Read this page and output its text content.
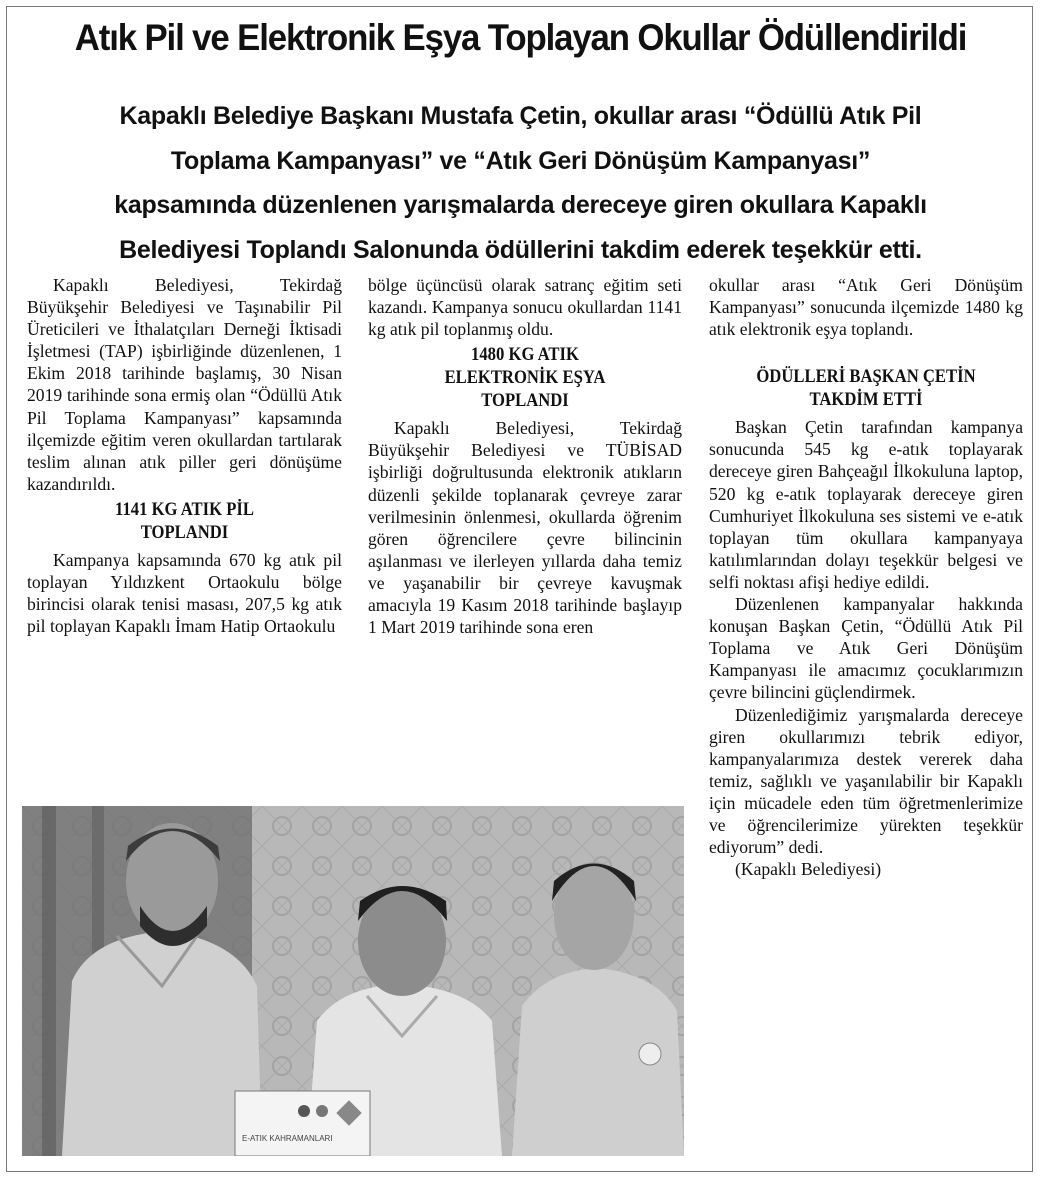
Atık Pil ve Elektronik Eşya Toplayan Okullar Ödüllendirildi
Kapaklı Belediye Başkanı Mustafa Çetin, okullar arası “Ödüllü Atık Pil
Toplama Kampanyası” ve “Atık Geri Dönüşüm Kampanyası”
kapsamında düzenlenen yarışmalarda dereceye giren okullara Kapaklı
Belediyesi Toplandı Salonunda ödüllerini takdim ederek teşekkür etti.

Kapaklı Belediyesi, Tekirdağ Büyükşehir Belediyesi ve Taşınabilir Pil Üreticileri ve İthalatçıları Derneği İktisadi İşletmesi (TAP) işbirliğinde düzenlenen, 1 Ekim 2018 tarihinde başlamış, 30 Nisan 2019 tarihinde sona ermiş olan “Ödüllü Atık Pil Toplama Kampanyası” kapsamında ilçemizde eğitim veren okullardan tartılarak teslim alınan atık piller geri dönüşüme kazandırıldı.

1141 KG ATIK PİL
TOPLANDI

Kampanya kapsamında 670 kg atık pil toplayan Yıldızkent Ortaokulu bölge birincisi olarak tenisi masası, 207,5 kg atık pil toplayan Kapaklı İmam Hatip Ortaokulu

bölge üçüncüsü olarak satranç eğitim seti kazandı. Kampanya sonucu okullardan 1141 kg atık pil toplanmış oldu.

1480 KG ATIK
ELEKTRONİK EŞYA
TOPLANDI

Kapaklı Belediyesi, Tekirdağ Büyükşehir Belediyesi ve TÜBİSAD işbirliği doğrultusunda elektronik atıkların düzenli şekilde toplanarak çevreye zarar verilmesinin önlenmesi, okullarda öğrenim gören öğrencilere çevre bilincinin aşılanması ve ilerleyen yıllarda daha temiz ve yaşanabilir bir çevreye kavuşmak amacıyla 19 Kasım 2018 tarihinde başlayıp 1 Mart 2019 tarihinde sona eren

okullar arası “Atık Geri Dönüşüm Kampanyası” sonucunda ilçemizde 1480 kg atık elektronik eşya toplandı.

ÖDÜLLERİ BAŞKAN ÇETİN
TAKDİM ETTİ

Başkan Çetin tarafından kampanya sonucunda 545 kg e-atık toplayarak dereceye giren Bahçeağıl İlkokuluna laptop, 520 kg e-atık toplayarak dereceye giren Cumhuriyet İlkokuluna ses sistemi ve e-atık toplayan tüm okullara kampanyaya katılımlarından dolayı teşekkür belgesi ve selfi noktası afişi hediye edildi.

Düzenlenen kampanyalar hakkında konuşan Başkan Çetin, “Ödüllü Atık Pil Toplama ve Atık Geri Dönüşüm Kampanyası ile amacımız çocuklarımızın çevre bilincini güçlendirmek.

Düzenlediğimiz yarışmalarda dereceye giren okullarımızı tebrik ediyor, kampanyalarımıza destek vererek daha temiz, sağlıklı ve yaşanılabilir bir Kapaklı için mücadele eden tüm öğretmenlerimize ve öğrencilerimize yürekten teşekkür ediyorum” dedi.

(Kapaklı Belediyesi)

E-ATIK KAHRAMANLARI
